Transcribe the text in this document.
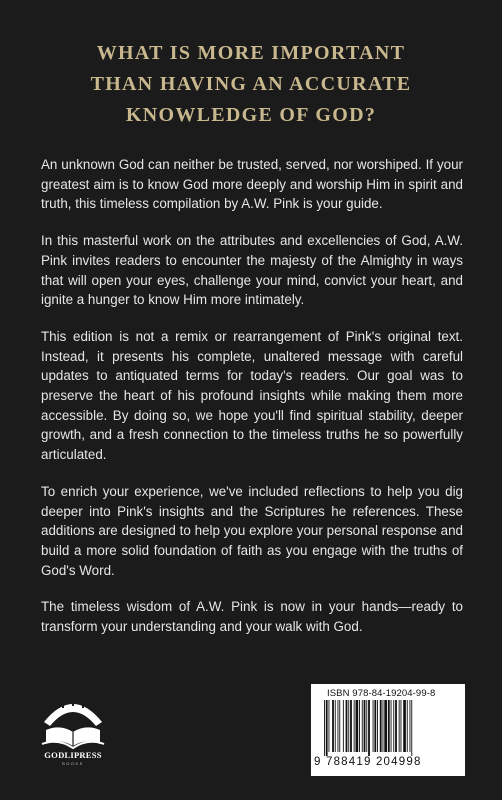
WHAT IS MORE IMPORTANT
THAN HAVING AN ACCURATE
KNOWLEDGE OF GOD?

An unknown God can neither be trusted, served, nor worshiped. If your greatest aim is to know God more deeply and worship Him in spirit and truth, this timeless compilation by A.W. Pink is your guide.

In this masterful work on the attributes and excellencies of God, A.W. Pink invites readers to encounter the majesty of the Almighty in ways that will open your eyes, challenge your mind, convict your heart, and ignite a hunger to know Him more intimately.

This edition is not a remix or rearrangement of Pink's original text. Instead, it presents his complete, unaltered message with careful updates to antiquated terms for today's readers. Our goal was to preserve the heart of his profound insights while making them more accessible. By doing so, we hope you'll find spiritual stability, deeper growth, and a fresh connection to the timeless truths he so powerfully articulated.

To enrich your experience, we've included reflections to help you dig deeper into Pink's insights and the Scriptures he references. These additions are designed to help you explore your personal response and build a more solid foundation of faith as you engage with the truths of God's Word.

The timeless wisdom of A.W. Pink is now in your hands—ready to transform your understanding and your walk with God.

GODLIPRESS
BOOKS
ISBN 978-84-19204-99-8
9 788419 204998
